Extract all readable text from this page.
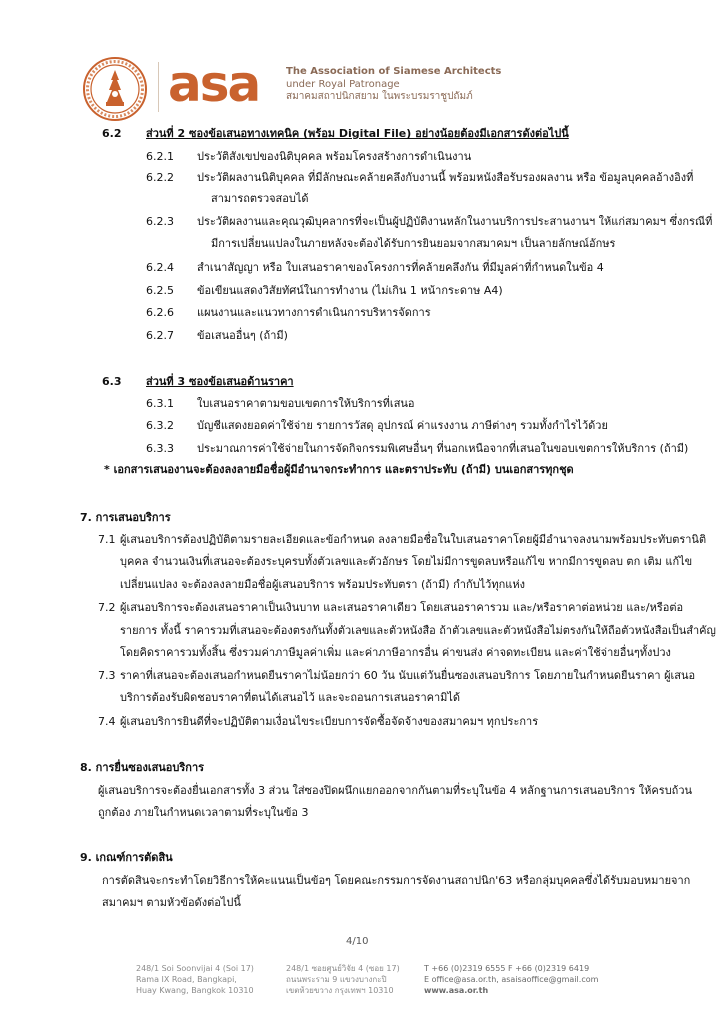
asa	The Association of Siamese Architects
under Royal Patronage
สมาคมสถาปนิกสยาม ในพระบรมราชูปถัมภ์
6.2 ส่วนที่ 2 ซองข้อเสนอทางเทคนิค (พร้อม Digital File) อย่างน้อยต้องมีเอกสารดังต่อไปนี้
6.2.1 ประวัติสังเขปของนิติบุคคล พร้อมโครงสร้างการดำเนินงาน
6.2.2 ประวัติผลงานนิติบุคคล ที่มีลักษณะคล้ายคลึงกับงานนี้ พร้อมหนังสือรับรองผลงาน หรือ ข้อมูลบุคคลอ้างอิงที่
สามารถตรวจสอบได้
6.2.3 ประวัติผลงานและคุณวุฒิบุคลากรที่จะเป็นผู้ปฏิบัติงานหลักในงานบริการประสานงานฯ ให้แก่สมาคมฯ ซึ่งกรณีที่
มีการเปลี่ยนแปลงในภายหลังจะต้องได้รับการยินยอมจากสมาคมฯ เป็นลายลักษณ์อักษร
6.2.4 สำเนาสัญญา หรือ ใบเสนอราคาของโครงการที่คล้ายคลึงกัน ที่มีมูลค่าที่กำหนดในข้อ 4
6.2.5 ข้อเขียนแสดงวิสัยทัศน์ในการทำงาน (ไม่เกิน 1 หน้ากระดาษ A4)
6.2.6 แผนงานและแนวทางการดำเนินการบริหารจัดการ
6.2.7 ข้อเสนออื่นๆ (ถ้ามี)
6.3 ส่วนที่ 3 ซองข้อเสนอด้านราคา
6.3.1 ใบเสนอราคาตามขอบเขตการให้บริการที่เสนอ
6.3.2 บัญชีแสดงยอดค่าใช้จ่าย รายการวัสดุ อุปกรณ์ ค่าแรงงาน ภาษีต่างๆ รวมทั้งกำไรไว้ด้วย
6.3.3 ประมาณการค่าใช้จ่ายในการจัดกิจกรรมพิเศษอื่นๆ ที่นอกเหนือจากที่เสนอในขอบเขตการให้บริการ (ถ้ามี)
* เอกสารเสนองานจะต้องลงลายมือชื่อผู้มีอำนาจกระทำการ และตราประทับ (ถ้ามี) บนเอกสารทุกชุด
7. การเสนอบริการ
7.1 ผู้เสนอบริการต้องปฏิบัติตามรายละเอียดและข้อกำหนด ลงลายมือชื่อในใบเสนอราคาโดยผู้มีอำนาจลงนามพร้อมประทับตรานิติ
บุคคล จำนวนเงินที่เสนอจะต้องระบุครบทั้งตัวเลขและตัวอักษร โดยไม่มีการขูดลบหรือแก้ไข หากมีการขูดลบ ตก เติม แก้ไข
เปลี่ยนแปลง จะต้องลงลายมือชื่อผู้เสนอบริการ พร้อมประทับตรา (ถ้ามี) กำกับไว้ทุกแห่ง
7.2 ผู้เสนอบริการจะต้องเสนอราคาเป็นเงินบาท และเสนอราคาเดียว โดยเสนอราคารวม และ/หรือราคาต่อหน่วย และ/หรือต่อ
รายการ ทั้งนี้ ราคารวมที่เสนอจะต้องตรงกันทั้งตัวเลขและตัวหนังสือ ถ้าตัวเลขและตัวหนังสือไม่ตรงกันให้ถือตัวหนังสือเป็นสำคัญ
โดยคิดราคารวมทั้งสิ้น ซึ่งรวมค่าภาษีมูลค่าเพิ่ม และค่าภาษีอากรอื่น ค่าขนส่ง ค่าจดทะเบียน และค่าใช้จ่ายอื่นๆทั้งปวง
7.3 ราคาที่เสนอจะต้องเสนอกำหนดยืนราคาไม่น้อยกว่า 60 วัน นับแต่วันยื่นซองเสนอบริการ โดยภายในกำหนดยืนราคา ผู้เสนอ
บริการต้องรับผิดชอบราคาที่ตนได้เสนอไว้ และจะถอนการเสนอราคามิได้
7.4 ผู้เสนอบริการยินดีที่จะปฏิบัติตามเงื่อนไขระเบียบการจัดซื้อจัดจ้างของสมาคมฯ ทุกประการ
8. การยื่นซองเสนอบริการ
ผู้เสนอบริการจะต้องยื่นเอกสารทั้ง 3 ส่วน ใส่ซองปิดผนึกแยกออกจากกันตามที่ระบุในข้อ 4 หลักฐานการเสนอบริการ ให้ครบถ้วน
ถูกต้อง ภายในกำหนดเวลาตามที่ระบุในข้อ 3
9. เกณฑ์การตัดสิน
การตัดสินจะกระทำโดยวิธีการให้คะแนนเป็นข้อๆ โดยคณะกรรมการจัดงานสถาปนิก'63 หรือกลุ่มบุคคลซึ่งได้รับมอบหมายจาก
สมาคมฯ ตามหัวข้อดังต่อไปนี้
4/10
248/1 Soi Soonvijai 4 (Soi 17)
Rama IX Road, Bangkapi,
Huay Kwang, Bangkok 10310
248/1 ซอยศูนย์วิจัย 4 (ซอย 17)
ถนนพระราม 9 แขวงบางกะปิ
เขตห้วยขวาง กรุงเทพฯ 10310
T +66 (0)2319 6555 F +66 (0)2319 6419
E office@asa.or.th, asaisaoffice@gmail.com
www.asa.or.th
